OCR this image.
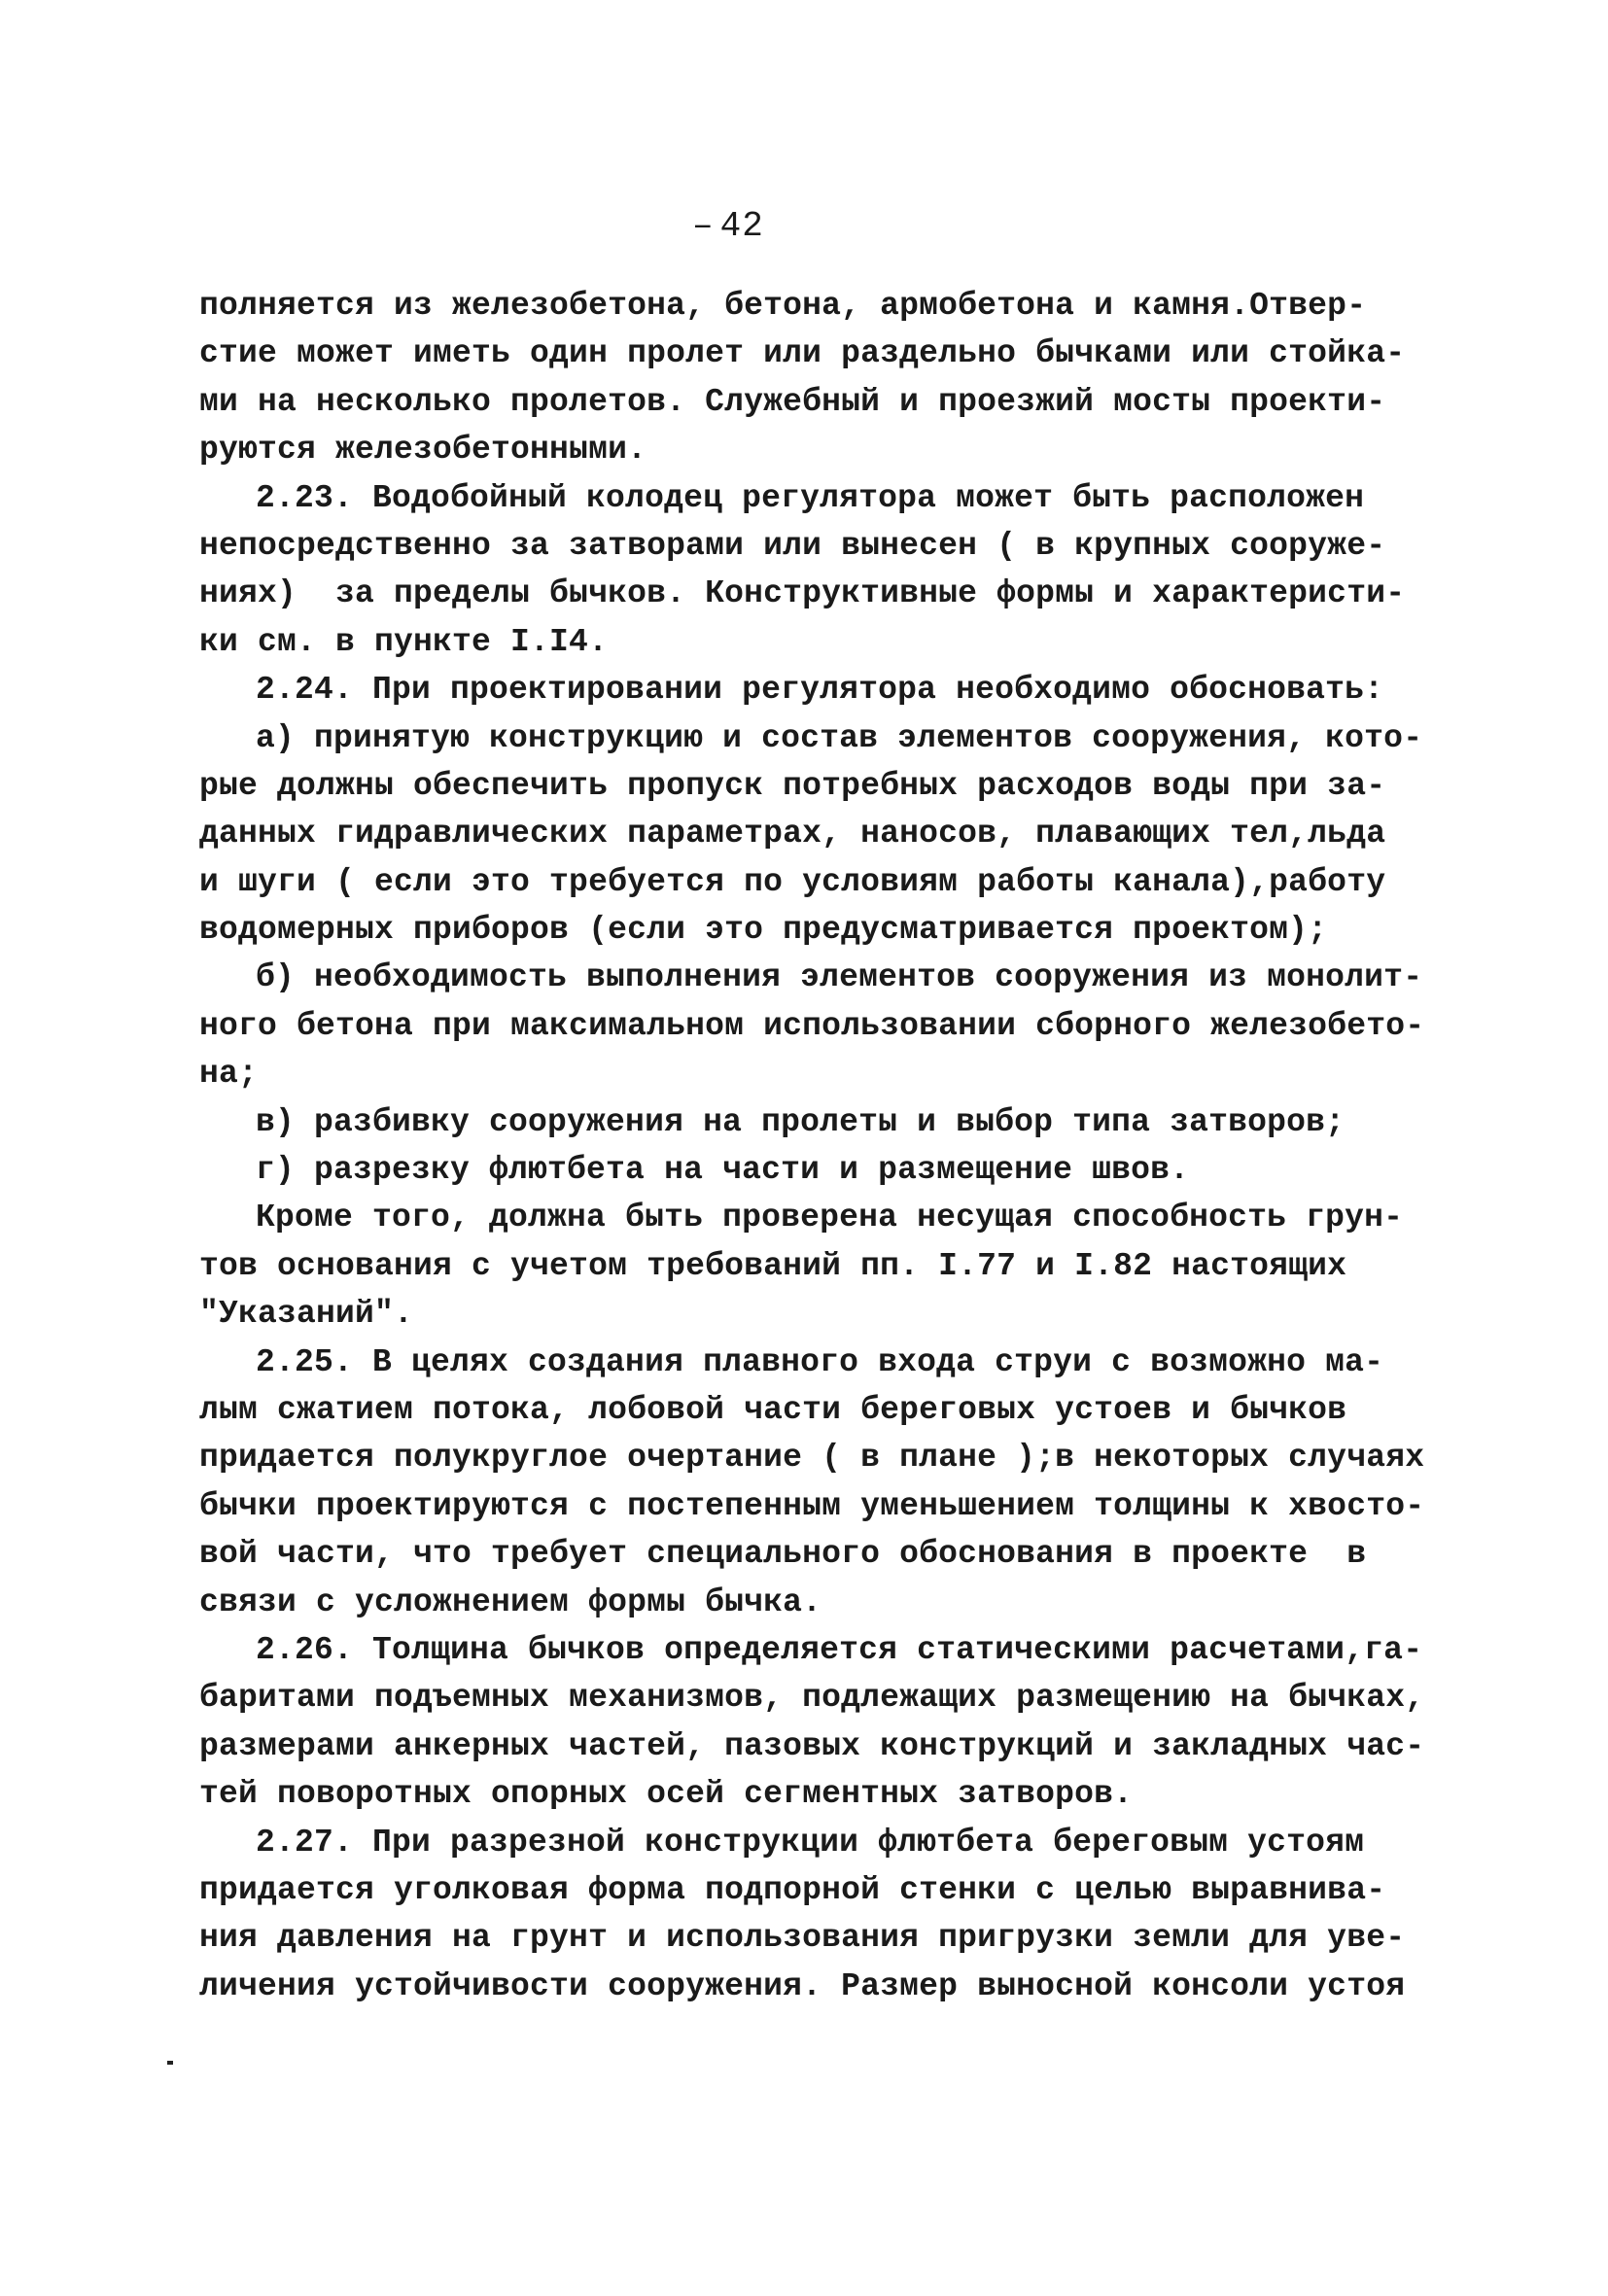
– 42
полняется из железобетона, бетона, армобетона и камня.Отвер-
стие может иметь один пролет или раздельно бычками или стойка-
ми на несколько пролетов. Служебный и проезжий мосты проекти-
руются железобетонными.
2.23. Водобойный колодец регулятора может быть расположен
непосредственно за затворами или вынесен ( в крупных сооруже-
ниях)  за пределы бычков. Конструктивные формы и характеристи-
ки см. в пункте I.I4.
2.24. При проектировании регулятора необходимо обосновать:
а) принятую конструкцию и состав элементов сооружения, кото-
рые должны обеспечить пропуск потребных расходов воды при за-
данных гидравлических параметрах, наносов, плавающих тел,льда
и шуги ( если это требуется по условиям работы канала),работу
водомерных приборов (если это предусматривается проектом);
б) необходимость выполнения элементов сооружения из монолит-
ного бетона при максимальном использовании сборного железобето-
на;
в) разбивку сооружения на пролеты и выбор типа затворов;
г) разрезку флютбета на части и размещение швов.
Кроме того, должна быть проверена несущая способность грун-
тов основания с учетом требований пп. I.77 и I.82 настоящих
"Указаний".
2.25. В целях создания плавного входа струи с возможно ма-
лым сжатием потока, лобовой части береговых устоев и бычков
придается полукруглое очертание ( в плане );в некоторых случаях
бычки проектируются с постепенным уменьшением толщины к хвосто-
вой части, что требует специального обоснования в проекте  в
связи с усложнением формы бычка.
2.26. Толщина бычков определяется статическими расчетами,га-
баритами подъемных механизмов, подлежащих размещению на бычках,
размерами анкерных частей, пазовых конструкций и закладных час-
тей поворотных опорных осей сегментных затворов.
2.27. При разрезной конструкции флютбета береговым устоям
придается уголковая форма подпорной стенки с целью выравнива-
ния давления на грунт и использования пригрузки земли для уве-
личения устойчивости сооружения. Размер выносной консоли устоя
